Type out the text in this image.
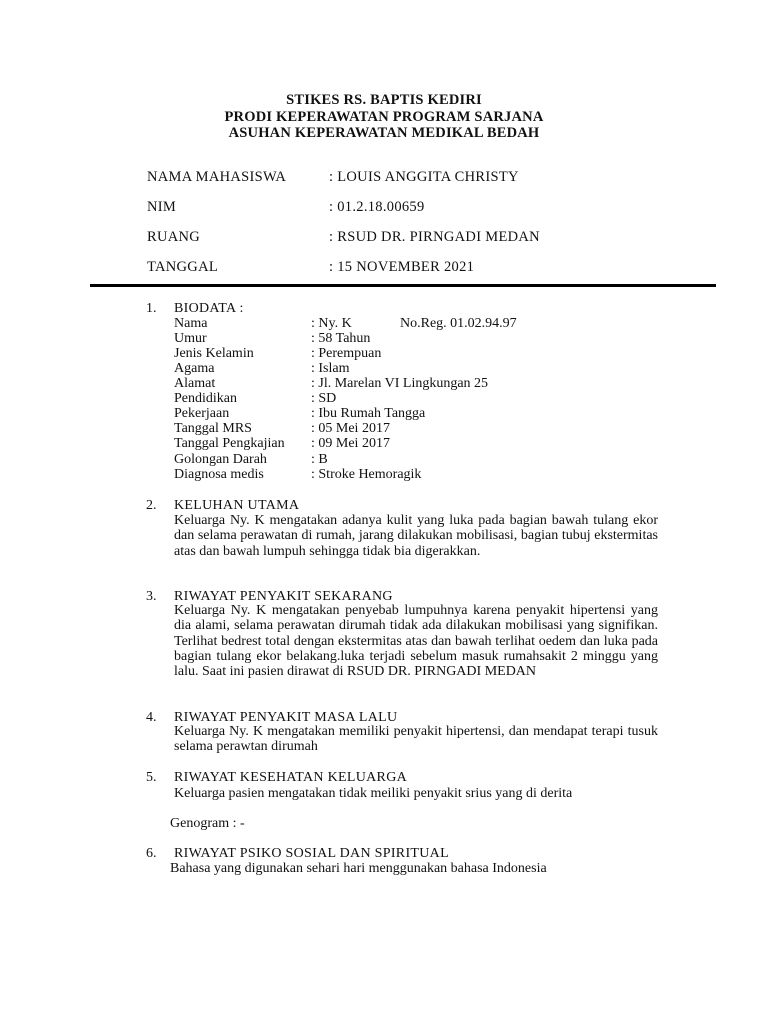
STIKES RS. BAPTIS KEDIRI
PRODI KEPERAWATAN PROGRAM SARJANA
ASUHAN KEPERAWATAN MEDIKAL BEDAH
NAMA MAHASISWA	: LOUIS ANGGITA CHRISTY
NIM	: 01.2.18.00659
RUANG	: RSUD DR. PIRNGADI MEDAN
TANGGAL	: 15 NOVEMBER 2021
1. BIODATA :
Nama	: Ny. K	No.Reg. 01.02.94.97
Umur	: 58 Tahun
Jenis Kelamin	: Perempuan
Agama	: Islam
Alamat	: Jl. Marelan VI Lingkungan 25
Pendidikan	: SD
Pekerjaan	: Ibu Rumah Tangga
Tanggal MRS	: 05 Mei 2017
Tanggal Pengkajian : 09 Mei 2017
Golongan Darah	: B
Diagnosa medis	: Stroke Hemoragik
2. KELUHAN UTAMA
Keluarga Ny. K mengatakan adanya kulit yang luka pada bagian bawah tulang ekor dan selama perawatan di rumah, jarang dilakukan mobilisasi, bagian tubuj ekstermitas atas dan bawah lumpuh sehingga tidak bia digerakkan.
3. RIWAYAT PENYAKIT SEKARANG
Keluarga Ny. K mengatakan penyebab lumpuhnya karena penyakit hipertensi yang dia alami, selama perawatan dirumah tidak ada dilakukan mobilisasi yang signifikan. Terlihat bedrest total dengan ekstermitas atas dan bawah terlihat oedem dan luka pada bagian tulang ekor belakang.luka terjadi sebelum masuk rumahsakit 2 minggu yang lalu. Saat ini pasien dirawat di RSUD DR. PIRNGADI MEDAN
4. RIWAYAT PENYAKIT MASA LALU
Keluarga Ny. K mengatakan memiliki penyakit hipertensi, dan mendapat terapi tusuk selama perawtan dirumah
5. RIWAYAT KESEHATAN KELUARGA
Keluarga pasien mengatakan tidak meiliki penyakit srius yang di derita
Genogram : -
6. RIWAYAT PSIKO SOSIAL DAN SPIRITUAL
Bahasa yang digunakan sehari hari menggunakan bahasa Indonesia
